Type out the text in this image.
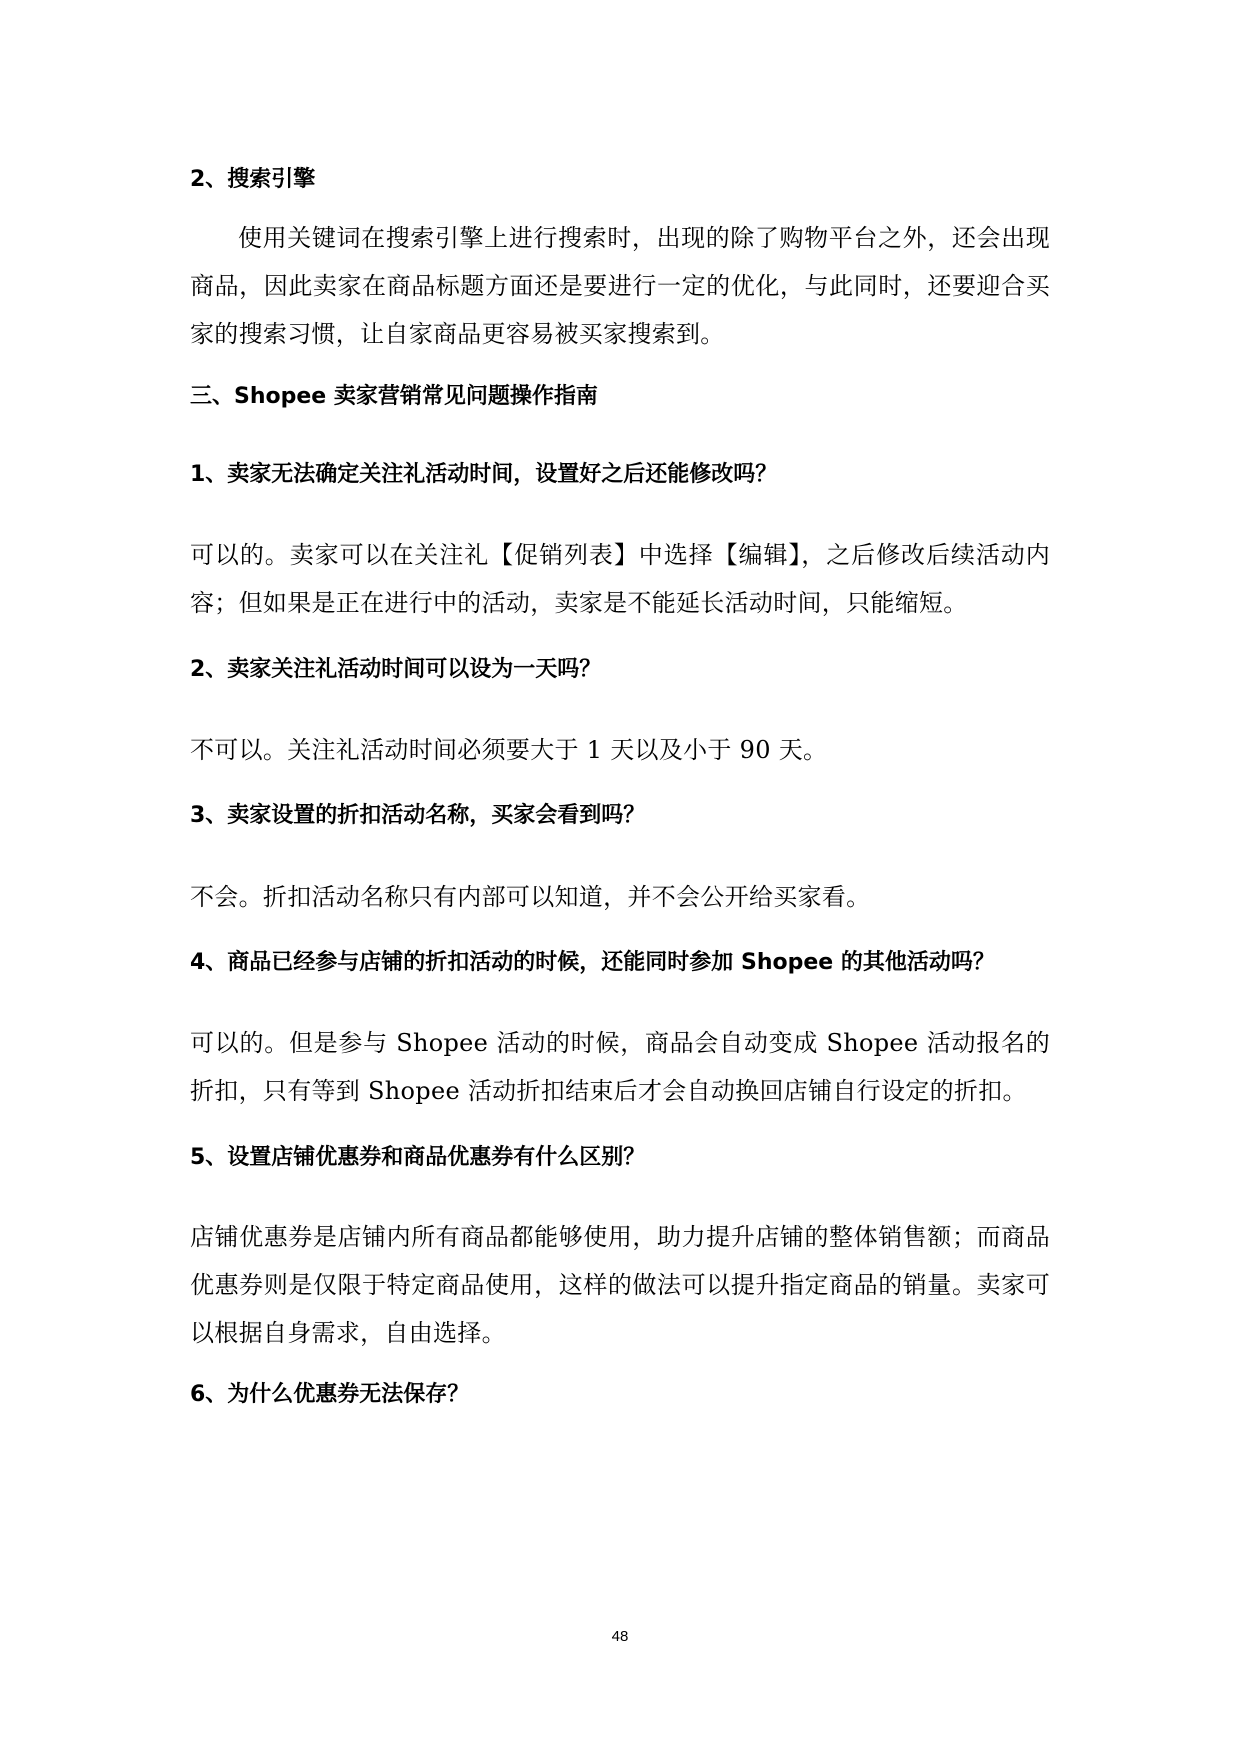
2、搜索引擎

使用关键词在搜索引擎上进行搜索时，出现的除了购物平台之外，还会出现商品，因此卖家在商品标题方面还是要进行一定的优化，与此同时，还要迎合买家的搜索习惯，让自家商品更容易被买家搜索到。

三、Shopee 卖家营销常见问题操作指南
1、卖家无法确定关注礼活动时间，设置好之后还能修改吗？

可以的。卖家可以在关注礼【促销列表】中选择【编辑】，之后修改后续活动内容；但如果是正在进行中的活动，卖家是不能延长活动时间，只能缩短。

2、卖家关注礼活动时间可以设为一天吗？

不可以。关注礼活动时间必须要大于 1 天以及小于 90 天。

3、卖家设置的折扣活动名称，买家会看到吗？

不会。折扣活动名称只有内部可以知道，并不会公开给买家看。

4、商品已经参与店铺的折扣活动的时候，还能同时参加 Shopee 的其他活动吗？

可以的。但是参与 Shopee 活动的时候，商品会自动变成 Shopee 活动报名的折扣，只有等到 Shopee 活动折扣结束后才会自动换回店铺自行设定的折扣。

5、设置店铺优惠券和商品优惠券有什么区别？

店铺优惠券是店铺内所有商品都能够使用，助力提升店铺的整体销售额；而商品优惠券则是仅限于特定商品使用，这样的做法可以提升指定商品的销量。卖家可以根据自身需求，自由选择。

6、为什么优惠券无法保存？
48
